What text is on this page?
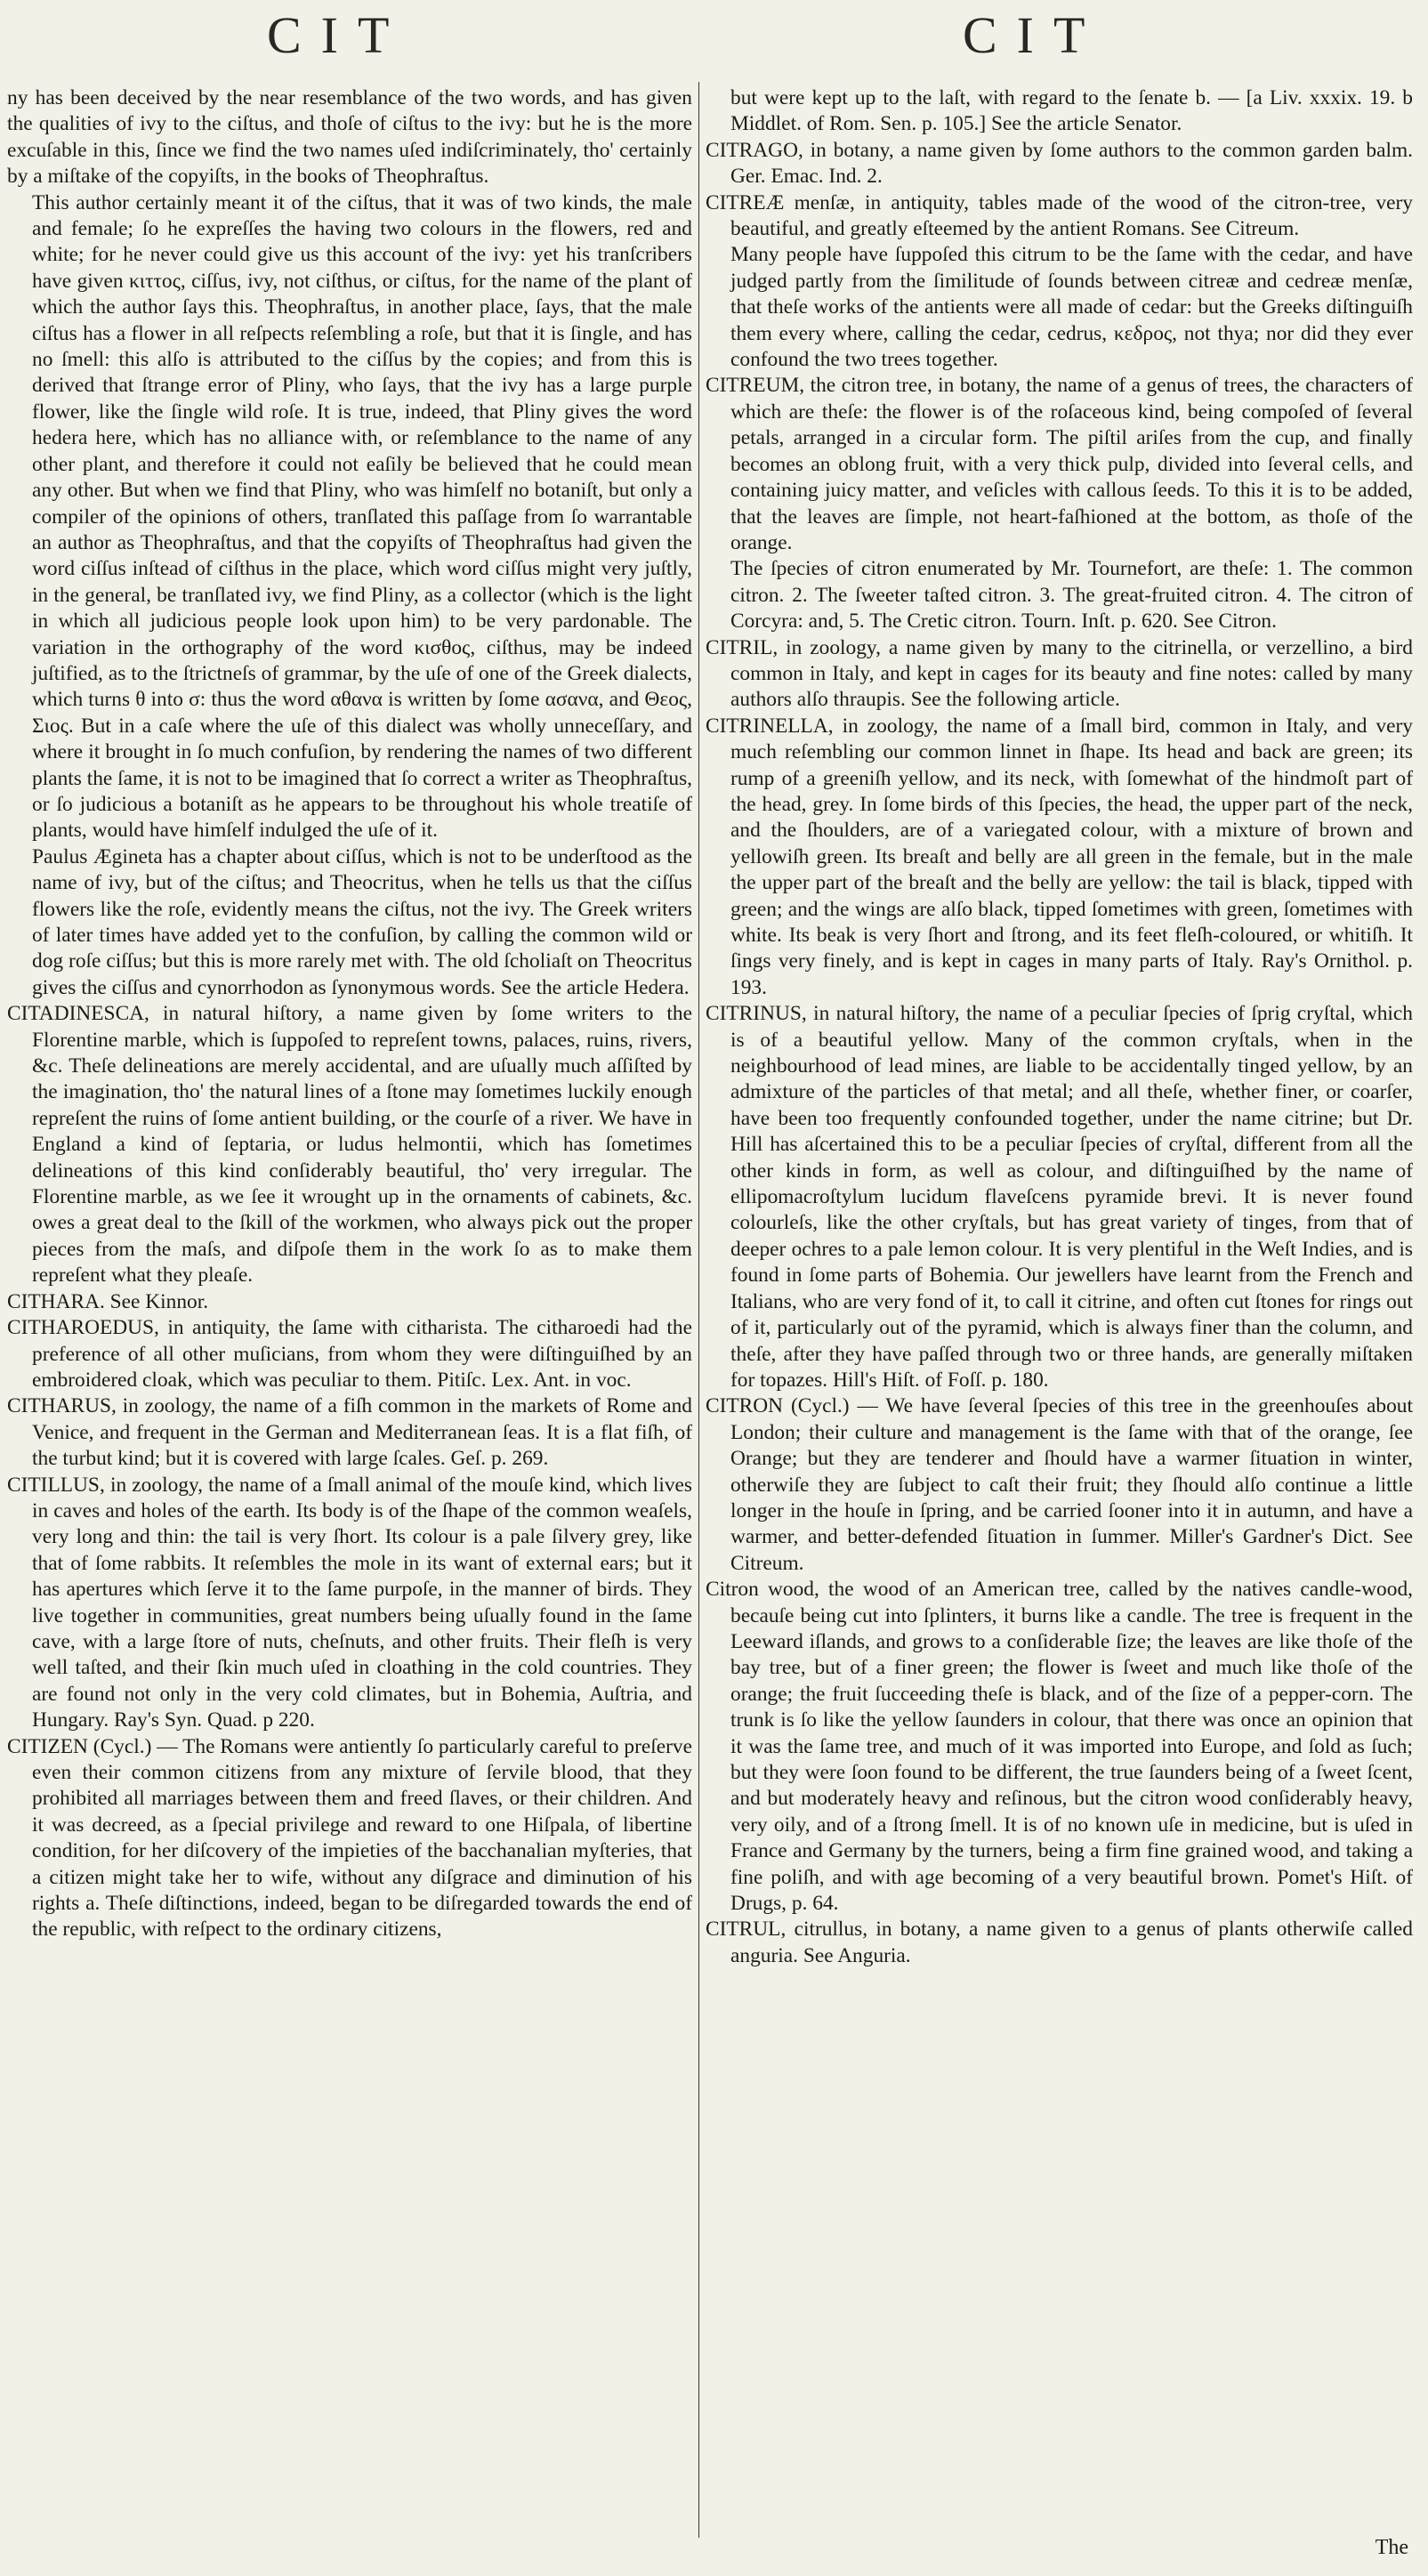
CIT	CIT

ny has been deceived by the near resemblance of the two words, and has given the qualities of ivy to the ciſtus, and thoſe of ciſtus to the ivy: but he is the more excuſable in this, ſince we find the two names uſed indiſcriminately, tho' certainly by a miſtake of the copyiſts, in the books of Theophraſtus.

This author certainly meant it of the ciſtus, that it was of two kinds, the male and female; ſo he expreſſes the having two colours in the flowers, red and white; for he never could give us this account of the ivy: yet his tranſcribers have given κιττος, ciſſus, ivy, not ciſthus, or ciſtus, for the name of the plant of which the author ſays this. Theophraſtus, in another place, ſays, that the male ciſtus has a flower in all reſpects reſembling a roſe, but that it is ſingle, and has no ſmell: this alſo is attributed to the ciſſus by the copies; and from this is derived that ſtrange error of Pliny, who ſays, that the ivy has a large purple flower, like the ſingle wild roſe. It is true, indeed, that Pliny gives the word hedera here, which has no alliance with, or reſemblance to the name of any other plant, and therefore it could not eaſily be believed that he could mean any other. But when we find that Pliny, who was himſelf no botaniſt, but only a compiler of the opinions of others, tranſlated this paſſage from ſo warrantable an author as Theophraſtus, and that the copyiſts of Theophraſtus had given the word ciſſus inſtead of ciſthus in the place, which word ciſſus might very juſtly, in the general, be tranſlated ivy, we find Pliny, as a collector (which is the light in which all judicious people look upon him) to be very pardonable. The variation in the orthography of the word κισθος, ciſthus, may be indeed juſtified, as to the ſtrictneſs of grammar, by the uſe of one of the Greek dialects, which turns θ into σ: thus the word αθανα is written by ſome ασανα, and Θεος, Σιος. But in a caſe where the uſe of this dialect was wholly unneceſſary, and where it brought in ſo much confuſion, by rendering the names of two different plants the ſame, it is not to be imagined that ſo correct a writer as Theophraſtus, or ſo judicious a botaniſt as he appears to be throughout his whole treatiſe of plants, would have himſelf indulged the uſe of it.

Paulus Ægineta has a chapter about ciſſus, which is not to be underſtood as the name of ivy, but of the ciſtus; and Theocritus, when he tells us that the ciſſus flowers like the roſe, evidently means the ciſtus, not the ivy. The Greek writers of later times have added yet to the confuſion, by calling the common wild or dog roſe ciſſus; but this is more rarely met with. The old ſcholiaſt on Theocritus gives the ciſſus and cynorrhodon as ſynonymous words. See the article Hedera.

CITADINESCA, in natural hiſtory, a name given by ſome writers to the Florentine marble, which is ſuppoſed to repreſent towns, palaces, ruins, rivers, &c. Theſe delineations are merely accidental, and are uſually much aſſiſted by the imagination, tho' the natural lines of a ſtone may ſometimes luckily enough repreſent the ruins of ſome antient building, or the courſe of a river. We have in England a kind of ſeptaria, or ludus helmontii, which has ſometimes delineations of this kind conſiderably beautiful, tho' very irregular. The Florentine marble, as we ſee it wrought up in the ornaments of cabinets, &c. owes a great deal to the ſkill of the workmen, who always pick out the proper pieces from the maſs, and diſpoſe them in the work ſo as to make them repreſent what they pleaſe.

CITHARA. See Kinnor.

CITHAROEDUS, in antiquity, the ſame with citharista. The citharoedi had the preference of all other muſicians, from whom they were diſtinguiſhed by an embroidered cloak, which was peculiar to them. Pitiſc. Lex. Ant. in voc.

CITHARUS, in zoology, the name of a fiſh common in the markets of Rome and Venice, and frequent in the German and Mediterranean ſeas. It is a flat fiſh, of the turbut kind; but it is covered with large ſcales. Geſ. p. 269.

CITILLUS, in zoology, the name of a ſmall animal of the mouſe kind, which lives in caves and holes of the earth. Its body is of the ſhape of the common weaſels, very long and thin: the tail is very ſhort. Its colour is a pale ſilvery grey, like that of ſome rabbits. It reſembles the mole in its want of external ears; but it has apertures which ſerve it to the ſame purpoſe, in the manner of birds. They live together in communities, great numbers being uſually found in the ſame cave, with a large ſtore of nuts, cheſnuts, and other fruits. Their fleſh is very well taſted, and their ſkin much uſed in cloathing in the cold countries. They are found not only in the very cold climates, but in Bohemia, Auſtria, and Hungary. Ray's Syn. Quad. p 220.

CITIZEN (Cycl.) — The Romans were antiently ſo particularly careful to preſerve even their common citizens from any mixture of ſervile blood, that they prohibited all marriages between them and freed ſlaves, or their children. And it was decreed, as a ſpecial privilege and reward to one Hiſpala, of libertine condition, for her diſcovery of the impieties of the bacchanalian myſteries, that a citizen might take her to wife, without any diſgrace and diminution of his rights a. Theſe diſtinctions, indeed, began to be diſregarded towards the end of the republic, with reſpect to the ordinary citizens,

but were kept up to the laſt, with regard to the ſenate b. — [a Liv. xxxix. 19. b Middlet. of Rom. Sen. p. 105.] See the article Senator.

CITRAGO, in botany, a name given by ſome authors to the common garden balm. Ger. Emac. Ind. 2.

CITREÆ menſæ, in antiquity, tables made of the wood of the citron-tree, very beautiful, and greatly eſteemed by the antient Romans. See Citreum.

Many people have ſuppoſed this citrum to be the ſame with the cedar, and have judged partly from the ſimilitude of ſounds between citreæ and cedreæ menſæ, that theſe works of the antients were all made of cedar: but the Greeks diſtinguiſh them every where, calling the cedar, cedrus, κεδρος, not thya; nor did they ever confound the two trees together.

CITREUM, the citron tree, in botany, the name of a genus of trees, the characters of which are theſe: the flower is of the roſaceous kind, being compoſed of ſeveral petals, arranged in a circular form. The piſtil ariſes from the cup, and finally becomes an oblong fruit, with a very thick pulp, divided into ſeveral cells, and containing juicy matter, and veſicles with callous ſeeds. To this it is to be added, that the leaves are ſimple, not heart-faſhioned at the bottom, as thoſe of the orange.

The ſpecies of citron enumerated by Mr. Tournefort, are theſe: 1. The common citron. 2. The ſweeter taſted citron. 3. The great-fruited citron. 4. The citron of Corcyra: and, 5. The Cretic citron. Tourn. Inſt. p. 620. See Citron.

CITRIL, in zoology, a name given by many to the citrinella, or verzellino, a bird common in Italy, and kept in cages for its beauty and fine notes: called by many authors alſo thraupis. See the following article.

CITRINELLA, in zoology, the name of a ſmall bird, common in Italy, and very much reſembling our common linnet in ſhape. Its head and back are green; its rump of a greeniſh yellow, and its neck, with ſomewhat of the hindmoſt part of the head, grey. In ſome birds of this ſpecies, the head, the upper part of the neck, and the ſhoulders, are of a variegated colour, with a mixture of brown and yellowiſh green. Its breaſt and belly are all green in the female, but in the male the upper part of the breaſt and the belly are yellow: the tail is black, tipped with green; and the wings are alſo black, tipped ſometimes with green, ſometimes with white. Its beak is very ſhort and ſtrong, and its feet fleſh-coloured, or whitiſh. It ſings very finely, and is kept in cages in many parts of Italy. Ray's Ornithol. p. 193.

CITRINUS, in natural hiſtory, the name of a peculiar ſpecies of ſprig cryſtal, which is of a beautiful yellow. Many of the common cryſtals, when in the neighbourhood of lead mines, are liable to be accidentally tinged yellow, by an admixture of the particles of that metal; and all theſe, whether finer, or coarſer, have been too frequently confounded together, under the name citrine; but Dr. Hill has aſcertained this to be a peculiar ſpecies of cryſtal, different from all the other kinds in form, as well as colour, and diſtinguiſhed by the name of ellipomacroſtylum lucidum flaveſcens pyramide brevi. It is never found colourleſs, like the other cryſtals, but has great variety of tinges, from that of deeper ochres to a pale lemon colour. It is very plentiful in the Weſt Indies, and is found in ſome parts of Bohemia. Our jewellers have learnt from the French and Italians, who are very fond of it, to call it citrine, and often cut ſtones for rings out of it, particularly out of the pyramid, which is always finer than the column, and theſe, after they have paſſed through two or three hands, are generally miſtaken for topazes. Hill's Hiſt. of Foſſ. p. 180.

CITRON (Cycl.) — We have ſeveral ſpecies of this tree in the greenhouſes about London; their culture and management is the ſame with that of the orange, ſee Orange; but they are tenderer and ſhould have a warmer ſituation in winter, otherwiſe they are ſubject to caſt their fruit; they ſhould alſo continue a little longer in the houſe in ſpring, and be carried ſooner into it in autumn, and have a warmer, and better-defended ſituation in ſummer. Miller's Gardner's Dict. See Citreum.

Citron wood, the wood of an American tree, called by the natives candle-wood, becauſe being cut into ſplinters, it burns like a candle. The tree is frequent in the Leeward iſlands, and grows to a conſiderable ſize; the leaves are like thoſe of the bay tree, but of a finer green; the flower is ſweet and much like thoſe of the orange; the fruit ſucceeding theſe is black, and of the ſize of a pepper-corn. The trunk is ſo like the yellow ſaunders in colour, that there was once an opinion that it was the ſame tree, and much of it was imported into Europe, and ſold as ſuch; but they were ſoon found to be different, the true ſaunders being of a ſweet ſcent, and but moderately heavy and reſinous, but the citron wood conſiderably heavy, very oily, and of a ſtrong ſmell. It is of no known uſe in medicine, but is uſed in France and Germany by the turners, being a firm fine grained wood, and taking a fine poliſh, and with age becoming of a very beautiful brown. Pomet's Hiſt. of Drugs, p. 64.

CITRUL, citrullus, in botany, a name given to a genus of plants otherwiſe called anguria. See Anguria.

The
